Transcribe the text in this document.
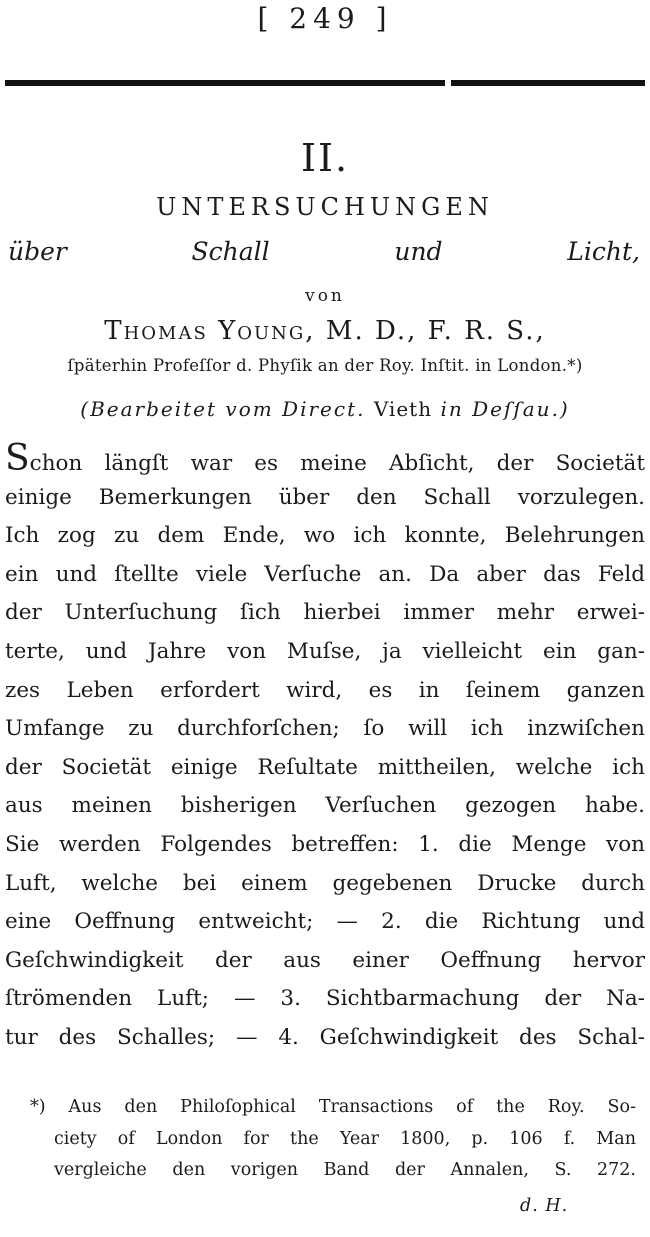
[ 249 ]
II.
UNTERSUCHUNGEN
über	Schall	und	Licht,
von
Thomas Young, M. D., F. R. S.,
ſpäterhin Profeſſor d. Phyſik an der Roy. Inſtit. in London.*)
(Bearbeitet vom Direct. Vieth in Deſſau.)
Schon längſt war es meine Abſicht, der Societät
einige Bemerkungen über den Schall vorzulegen.
Ich zog zu dem Ende, wo ich konnte, Belehrungen
ein und ſtellte viele Verſuche an. Da aber das Feld
der Unterſuchung ſich hierbei immer mehr erwei-
terte, und Jahre von Muſse, ja vielleicht ein gan-
zes Leben erfordert wird, es in ſeinem ganzen
Umfange zu durchforſchen; ſo will ich inzwiſchen
der Societät einige Reſultate mittheilen, welche ich
aus meinen bisherigen Verſuchen gezogen habe.
Sie werden Folgendes betreffen: 1. die Menge von
Luft, welche bei einem gegebenen Drucke durch
eine Oeffnung entweicht; — 2. die Richtung und
Geſchwindigkeit der aus einer Oeffnung hervor
ſtrömenden Luft; — 3. Sichtbarmachung der Na-
tur des Schalles; — 4. Geſchwindigkeit des Schal-
*) Aus den Philoſophical Transactions of the Roy. So-
ciety of London for the Year 1800, p. 106 f. Man
vergleiche den vorigen Band der Annalen, S. 272.
d. H.
